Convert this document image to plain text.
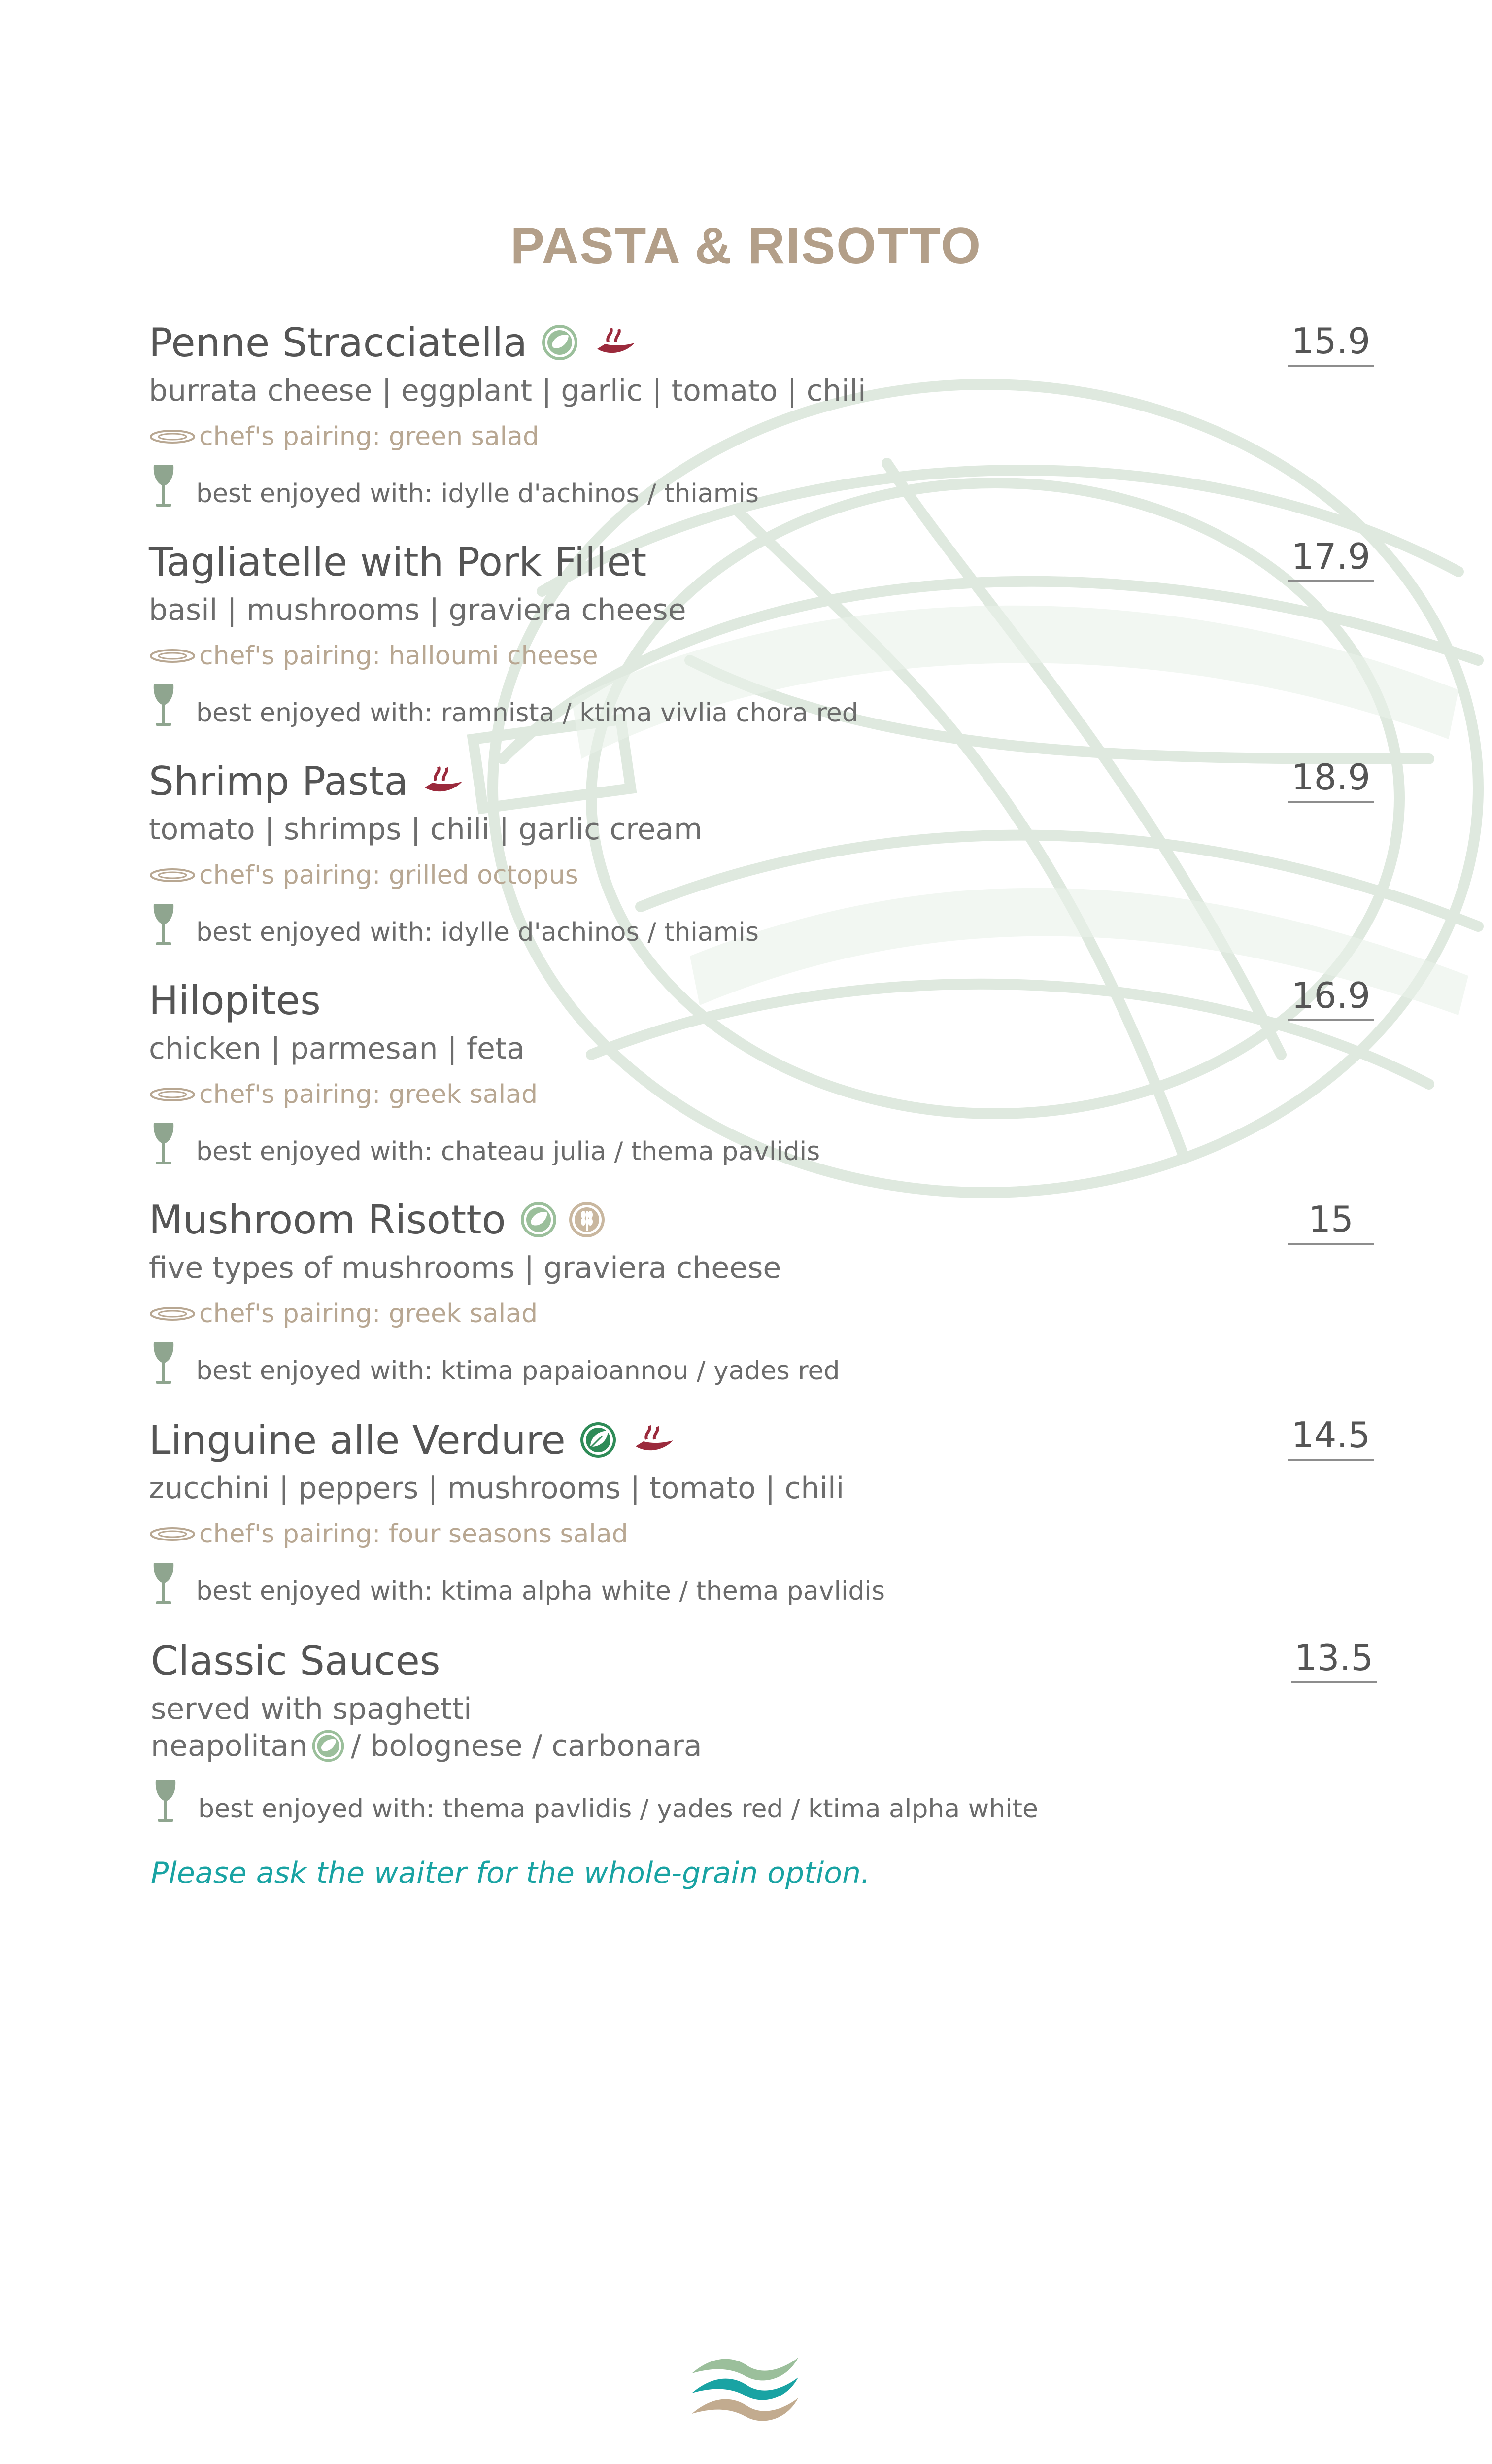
PASTA & RISOTTO
Penne Stracciatella
burrata cheese | eggplant | garlic | tomato | chili
chef's pairing: green salad
best enjoyed with: idylle d'achinos / thiamis
15.9
Tagliatelle with Pork Fillet
basil | mushrooms | graviera cheese
chef's pairing: halloumi cheese
best enjoyed with: ramnista / ktima vivlia chora red
17.9
Shrimp Pasta
tomato | shrimps | chili | garlic cream
chef's pairing: grilled octopus
best enjoyed with: idylle d'achinos / thiamis
18.9
Hilopites
chicken | parmesan | feta
chef's pairing: greek salad
best enjoyed with: chateau julia / thema pavlidis
16.9
Mushroom Risotto
five types of mushrooms | graviera cheese
chef's pairing: greek salad
best enjoyed with: ktima papaioannou / yades red
15
Linguine alle Verdure
zucchini | peppers | mushrooms | tomato | chili
chef's pairing: four seasons salad
best enjoyed with: ktima alpha white / thema pavlidis
14.5
Classic Sauces
served with spaghetti
neapolitan / bolognese / carbonara
best enjoyed with: thema pavlidis / yades red / ktima alpha white
13.5
Please ask the waiter for the whole-grain option.
